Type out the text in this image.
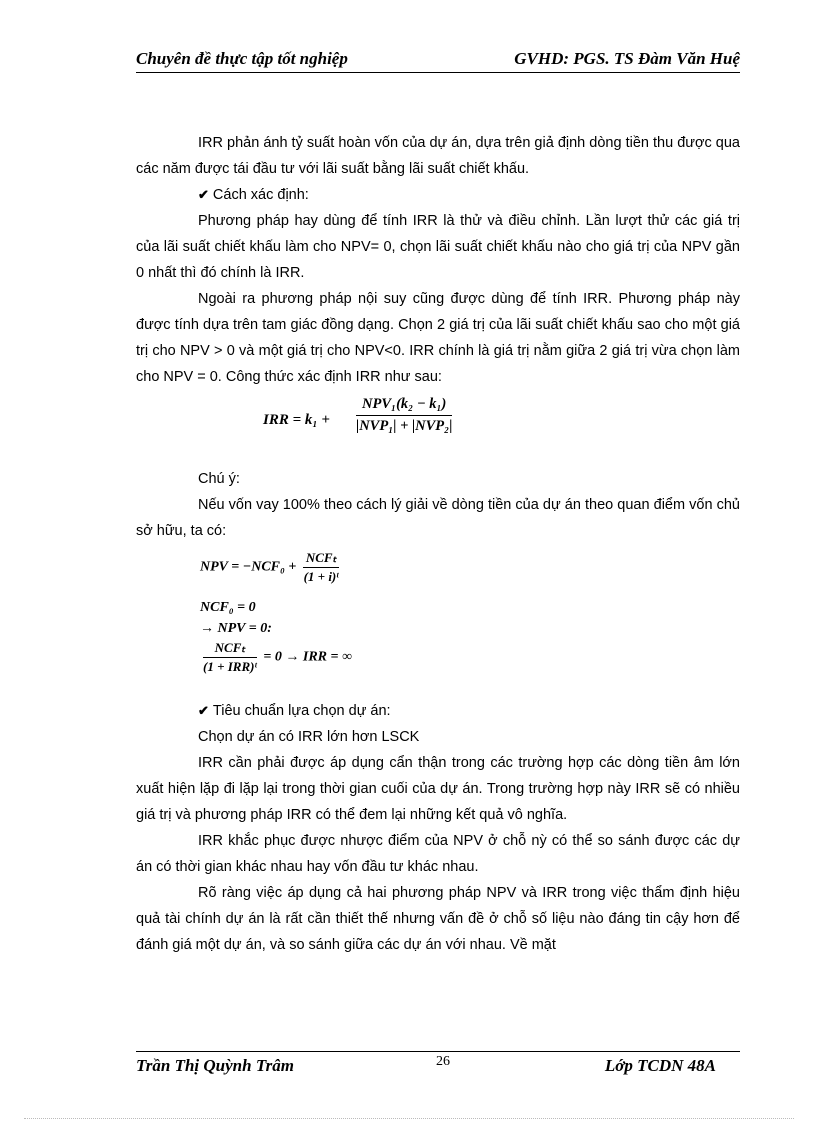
Chuyên đề thực tập tốt nghiệp	GVHD: PGS. TS Đàm Văn Huệ

IRR phản ánh tỷ suất hoàn vốn của dự án, dựa trên giả định dòng tiền thu được qua các năm được tái đầu tư với lãi suất bằng lãi suất chiết khấu.

✔ Cách xác định:

Phương pháp hay dùng để tính IRR là thử và điều chỉnh. Lần lượt thử các giá trị của lãi suất chiết khấu làm cho NPV= 0, chọn lãi suất chiết khấu nào cho giá trị của NPV gần 0 nhất thì đó chính là IRR.

Ngoài ra phương pháp nội suy cũng được dùng để tính IRR. Phương pháp này được tính dựa trên tam giác đồng dạng. Chọn 2 giá trị của lãi suất chiết khấu sao cho một giá trị cho NPV > 0 và một giá trị cho NPV<0. IRR chính là giá trị nằm giữa 2 giá trị vừa chọn làm cho NPV = 0. Công thức xác định IRR như sau:

IRR = k₁ +
NPV₁(k₂ − k₁)
|NVP₁| + |NVP₂|
Chú ý:

Nếu vốn vay 100% theo cách lý giải về dòng tiền của dự án theo quan điểm vốn chủ sở hữu, ta có:

NPV = $-NCF_0 + \frac{\text{NCFₜ}}{\text{(1 + i)ᵗ}}$
NCF₀ = 0
→ NPV = 0:
$\frac{\text{NCFₜ}}{\text{(1 + IRR)ᵗ}} = 0$ → IRR = ∞
✔ Tiêu chuẩn lựa chọn dự án:
Chọn dự án có IRR lớn hơn LSCK

IRR cần phải được áp dụng cẩn thận trong các trường hợp các dòng tiền âm lớn xuất hiện lặp đi lặp lại trong thời gian cuối của dự án. Trong trường hợp này IRR sẽ có nhiều giá trị và phương pháp IRR có thể đem lại những kết quả vô nghĩa.

IRR khắc phục được nhược điểm của NPV ở chỗ nỳ có thể so sánh được các dự án có thời gian khác nhau hay vốn đầu tư khác nhau.

Rõ ràng việc áp dụng cả hai phương pháp NPV và IRR trong việc thẩm định hiệu quả tài chính dự án là rất cần thiết thế nhưng vấn đề ở chỗ số liệu nào đáng tin cậy hơn để đánh giá một dự án, và so sánh giữa các dự án với nhau. Về mặt

Trần Thị Quỳnh Trâm	26	Lớp TCDN 48A
